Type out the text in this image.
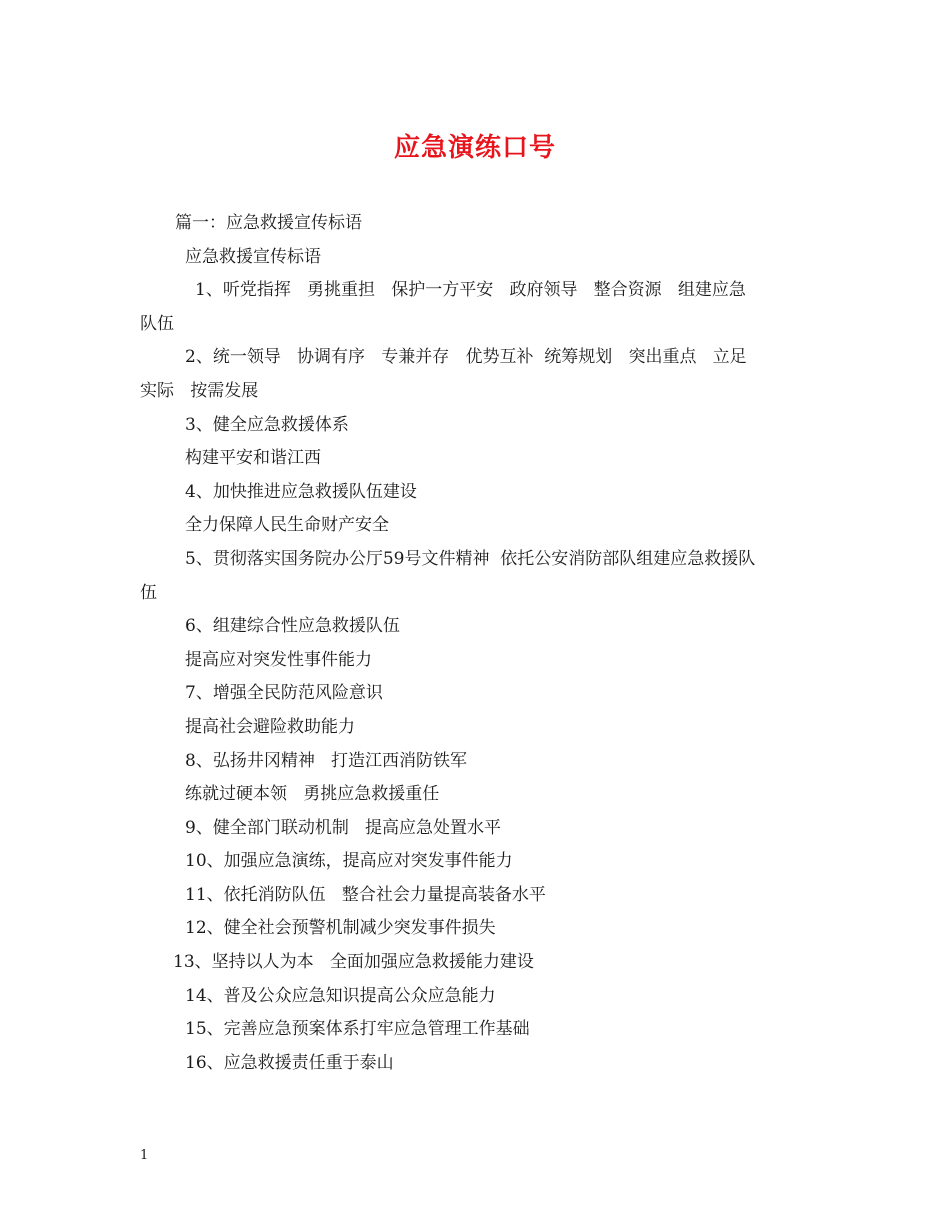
应急演练口号
篇一：应急救援宣传标语
应急救援宣传标语
1、听党指挥   勇挑重担   保护一方平安   政府领导   整合资源   组建应急
队伍
2、统一领导   协调有序   专兼并存   优势互补  统筹规划   突出重点   立足
实际   按需发展
3、健全应急救援体系
构建平安和谐江西
4、加快推进应急救援队伍建设
全力保障人民生命财产安全
5、贯彻落实国务院办公厅59号文件精神  依托公安消防部队组建应急救援队
伍
6、组建综合性应急救援队伍
提高应对突发性事件能力
7、增强全民防范风险意识
提高社会避险救助能力
8、弘扬井冈精神   打造江西消防铁军
练就过硬本领   勇挑应急救援重任
9、健全部门联动机制   提高应急处置水平
10、加强应急演练，提高应对突发事件能力
11、依托消防队伍   整合社会力量提高装备水平
12、健全社会预警机制减少突发事件损失
13、坚持以人为本   全面加强应急救援能力建设
14、普及公众应急知识提高公众应急能力
15、完善应急预案体系打牢应急管理工作基础
16、应急救援责任重于泰山
1
